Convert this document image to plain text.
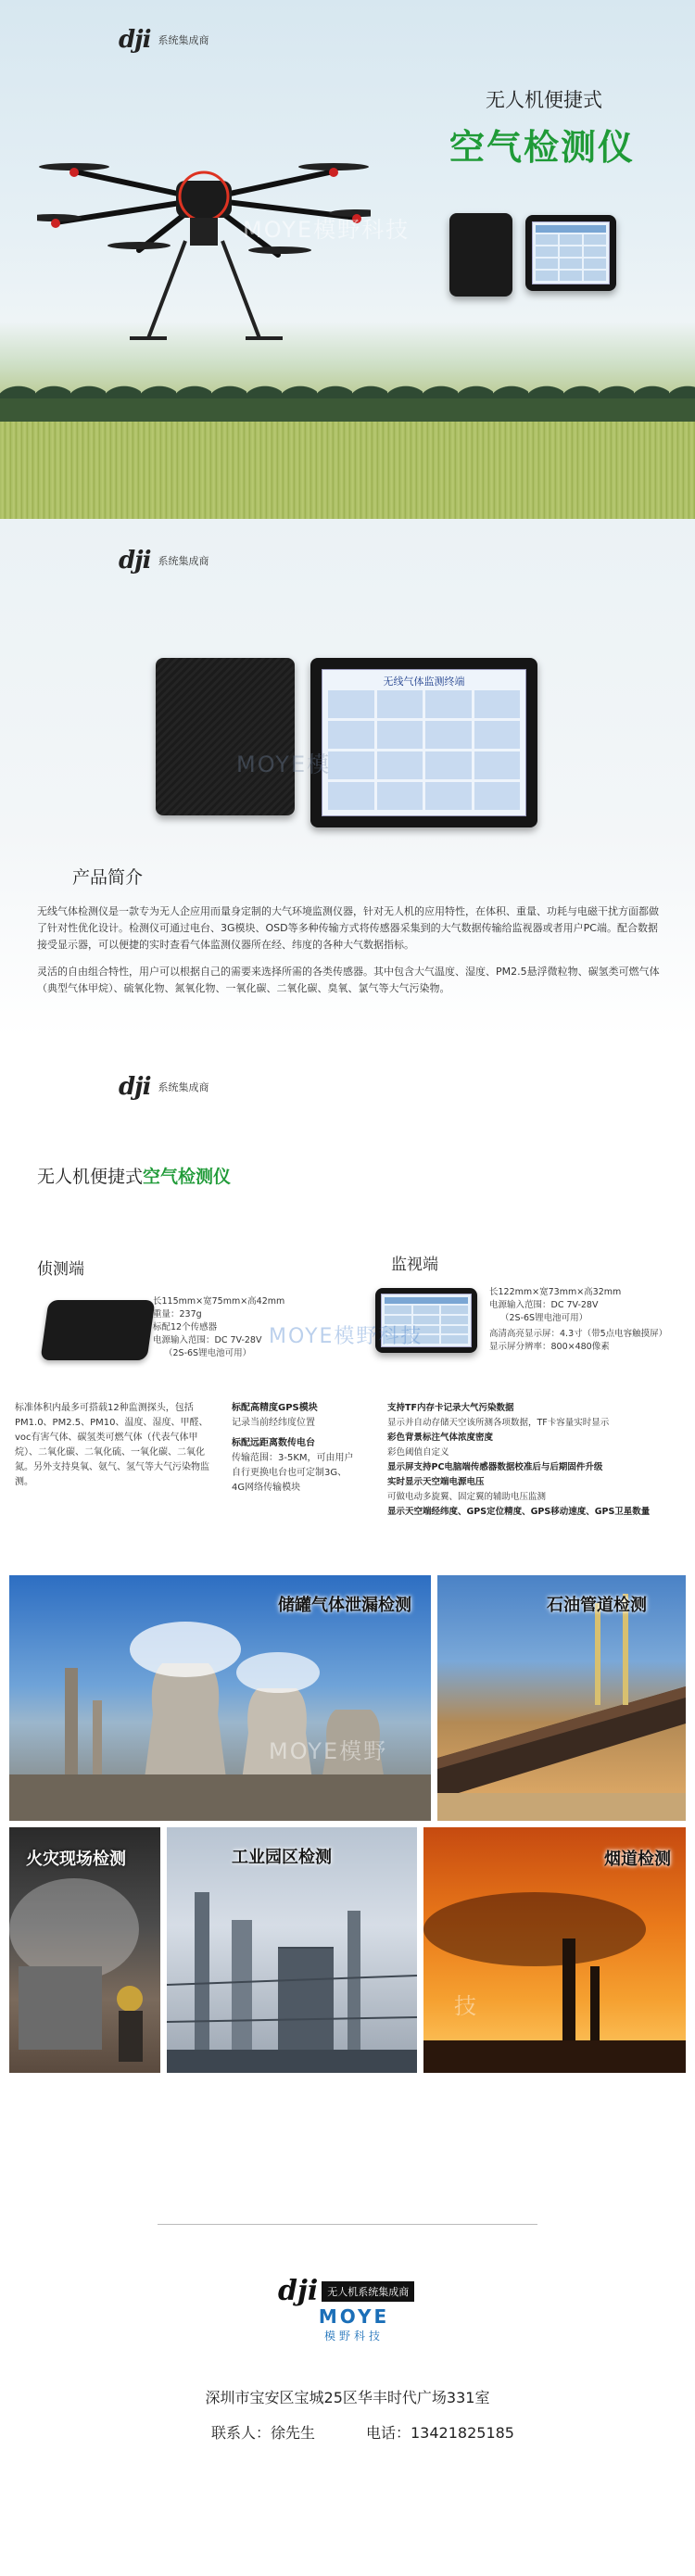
dji 系统集成商
无人机便捷式
空气检测仪
MOYE模野科技
dji 系统集成商
无线气体监测终端
MOYE模
产品简介

无线气体检测仪是一款专为无人企应用而量身定制的大气环境监测仪器，针对无人机的应用特性，在体积、重量、功耗与电磁干扰方面都做了针对性优化设计。检测仪可通过电台、3G模块、OSD等多种传输方式将传感器采集到的大气数据传输给监视器或者用户PC端。配合数据接受显示器，可以便捷的实时查看气体监测仪器所在经、纬度的各种大气数据指标。

灵活的自由组合特性，用户可以根据自己的需要来选择所需的各类传感器。其中包含大气温度、湿度、PM2.5悬浮微粒物、碳氢类可燃气体（典型气体甲烷）、硫氧化物、氮氧化物、一氧化碳、二氧化碳、臭氧、氯气等大气污染物。

dji 系统集成商
无人机便捷式空气检测仪
侦测端
长115mm×宽75mm×高42mm
重量：237g
标配12个传感器
电源输入范围：DC 7V-28V
（2S-6S锂电池可用）

标准体积内最多可搭载12种监测探头，包括PM1.0、PM2.5、PM10、温度、湿度、甲醛、voc有害气体、碳氢类可燃气体（代表气体甲烷）、二氧化碳、二氧化硫、一氧化碳、二氧化氮。另外支持臭氧、氨气、氢气等大气污染物监测。

标配高精度GPS模块
记录当前经纬度位置
标配远距离数传电台
传输范围：3-5KM，可由用户
自行更换电台也可定制3G、
4G网络传输模块
监视端
长122mm×宽73mm×高32mm
电源输入范围：DC 7V-28V
（2S-6S锂电池可用）
高清高亮显示屏：4.3寸（带5点电容触摸屏）
显示屏分辨率：800×480像素
支持TF内存卡记录大气污染数据
显示并自动存储天空该所测各项数据，TF卡容量实时显示
彩色背景标注气体浓度密度
彩色阈值自定义
显示屏支持PC电脑端传感器数据校准后与后期固件升级
实时显示天空端电源电压
可做电动多旋翼、固定翼的辅助电压监测
显示天空端经纬度、GPS定位精度、GPS移动速度、GPS卫星数量
MOYE模野科技
储罐气体泄漏检测	石油管道检测
火灾现场检测	工业园区检测	烟道检测
MOYE模野
技
dji 无人机系统集成商
MOYE
模野科技
深圳市宝安区宝城25区华丰时代广场331室
联系人：徐先生	电话：13421825185
